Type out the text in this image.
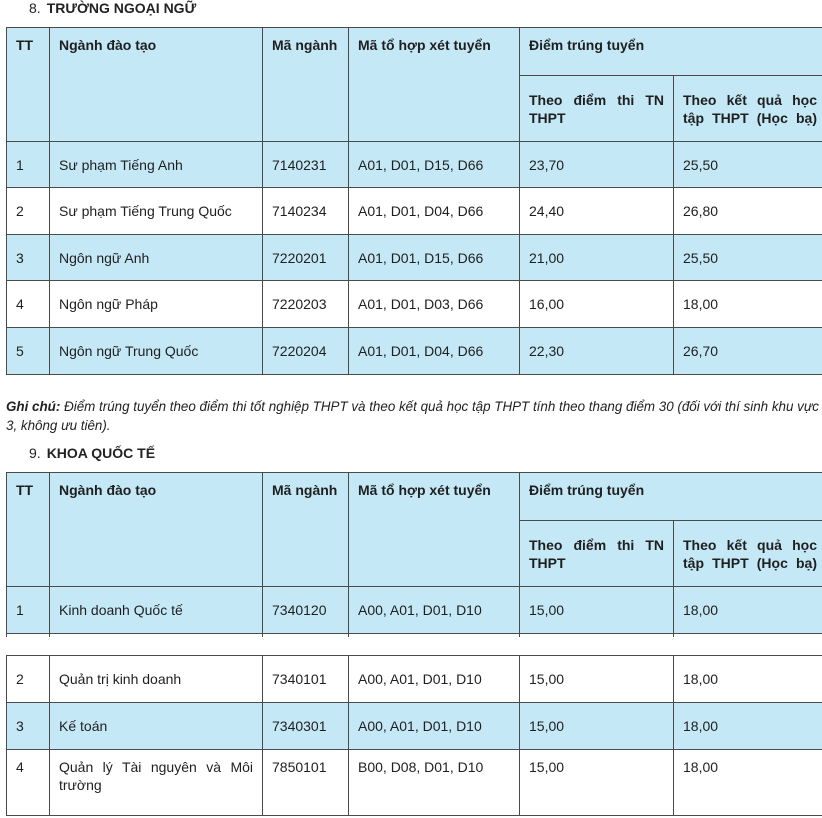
8. TRƯỜNG NGOẠI NGỮ
TT	Ngành đào tạo	Mã ngành	Mã tổ hợp xét tuyển	Điểm trúng tuyển	
				Theo điểm thi TN THPT	Theo kết quả học tập THPT (Học bạ)
1	Sư phạm Tiếng Anh	7140231	A01, D01, D15, D66	23,70	25,50
2	Sư phạm Tiếng Trung Quốc	7140234	A01, D01, D04, D66	24,40	26,80
3	Ngôn ngữ Anh	7220201	A01, D01, D15, D66	21,00	25,50
4	Ngôn ngữ Pháp	7220203	A01, D01, D03, D66	16,00	18,00
5	Ngôn ngữ Trung Quốc	7220204	A01, D01, D04, D66	22,30	26,70
Ghi chú: Điểm trúng tuyển theo điểm thi tốt nghiệp THPT và theo kết quả học tập THPT tính theo thang điểm 30 (đối với thí sinh khu vực 3, không ưu tiên).
9. KHOA QUỐC TẾ
TT	Ngành đào tạo	Mã ngành	Mã tổ hợp xét tuyển	Điểm trúng tuyển	
				Theo điểm thi TN THPT	Theo kết quả học tập THPT (Học bạ)
1	Kinh doanh Quốc tế	7340120	A00, A01, D01, D10	15,00	18,00

2	Quản trị kinh doanh	7340101	A00, A01, D01, D10	15,00	18,00
3	Kế toán	7340301	A00, A01, D01, D10	15,00	18,00
4	Quản lý Tài nguyên và Môi trường	7850101	B00, D08, D01, D10	15,00	18,00
